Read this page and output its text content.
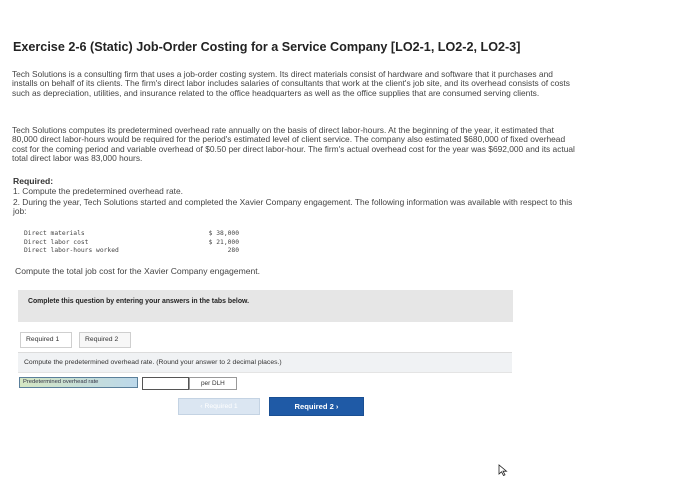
Exercise 2-6 (Static) Job-Order Costing for a Service Company [LO2-1, LO2-2, LO2-3]
Tech Solutions is a consulting firm that uses a job-order costing system. Its direct materials consist of hardware and software that it purchases and installs on behalf of its clients. The firm's direct labor includes salaries of consultants that work at the client's job site, and its overhead consists of costs such as depreciation, utilities, and insurance related to the office headquarters as well as the office supplies that are consumed serving clients.
Tech Solutions computes its predetermined overhead rate annually on the basis of direct labor-hours. At the beginning of the year, it estimated that 80,000 direct labor-hours would be required for the period's estimated level of client service. The company also estimated $680,000 of fixed overhead cost for the coming period and variable overhead of $0.50 per direct labor-hour. The firm's actual overhead cost for the year was $692,000 and its actual total direct labor was 83,000 hours.
Required:
1. Compute the predetermined overhead rate.
2. During the year, Tech Solutions started and completed the Xavier Company engagement. The following information was available with respect to this job:
Direct materials	$ 38,000
Direct labor cost	$ 21,000
Direct labor-hours worked	280
Compute the total job cost for the Xavier Company engagement.
Complete this question by entering your answers in the tabs below.
Required 1	Required 2
Compute the predetermined overhead rate. (Round your answer to 2 decimal places.)
Predetermined overhead rate	per DLH
‹ Required 1	Required 2 ›
